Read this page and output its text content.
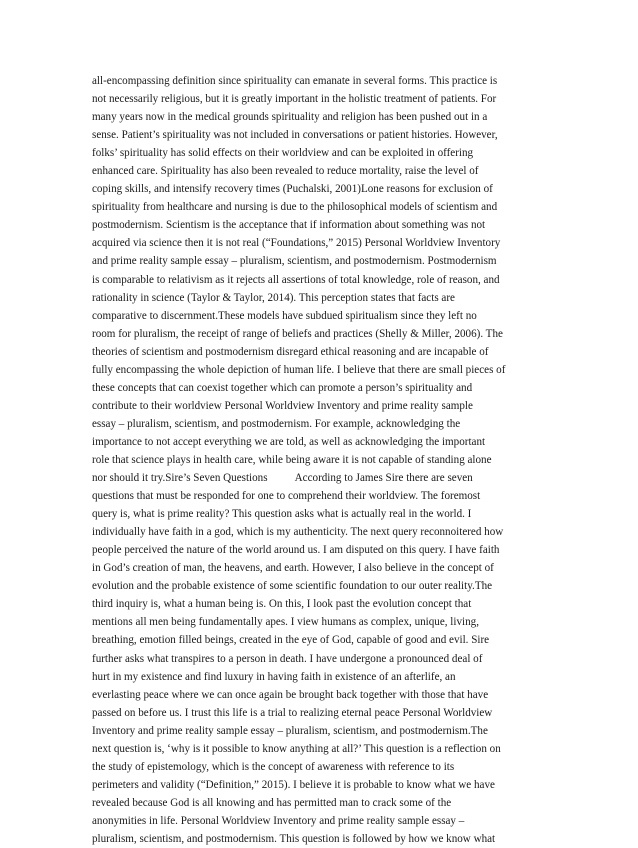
all-encompassing definition since spirituality can emanate in several forms. This practice is
not necessarily religious, but it is greatly important in the holistic treatment of patients. For
many years now in the medical grounds spirituality and religion has been pushed out in a
sense. Patient’s spirituality was not included in conversations or patient histories. However,
folks’ spirituality has solid effects on their worldview and can be exploited in offering
enhanced care. Spirituality has also been revealed to reduce mortality, raise the level of
coping skills, and intensify recovery times (Puchalski, 2001)Lone reasons for exclusion of
spirituality from healthcare and nursing is due to the philosophical models of scientism and
postmodernism. Scientism is the acceptance that if information about something was not
acquired via science then it is not real (“Foundations,” 2015) Personal Worldview Inventory
and prime reality sample essay – pluralism, scientism, and postmodernism. Postmodernism
is comparable to relativism as it rejects all assertions of total knowledge, role of reason, and
rationality in science (Taylor & Taylor, 2014). This perception states that facts are
comparative to discernment.These models have subdued spiritualism since they left no
room for pluralism, the receipt of range of beliefs and practices (Shelly & Miller, 2006). The
theories of scientism and postmodernism disregard ethical reasoning and are incapable of
fully encompassing the whole depiction of human life. I believe that there are small pieces of
these concepts that can coexist together which can promote a person’s spirituality and
contribute to their worldview Personal Worldview Inventory and prime reality sample
essay – pluralism, scientism, and postmodernism. For example, acknowledging the
importance to not accept everything we are told, as well as acknowledging the important
role that science plays in health care, while being aware it is not capable of standing alone
nor should it try.Sire’s Seven Questions          According to James Sire there are seven
questions that must be responded for one to comprehend their worldview. The foremost
query is, what is prime reality? This question asks what is actually real in the world. I
individually have faith in a god, which is my authenticity. The next query reconnoitered how
people perceived the nature of the world around us. I am disputed on this query. I have faith
in God’s creation of man, the heavens, and earth. However, I also believe in the concept of
evolution and the probable existence of some scientific foundation to our outer reality.The
third inquiry is, what a human being is. On this, I look past the evolution concept that
mentions all men being fundamentally apes. I view humans as complex, unique, living,
breathing, emotion filled beings, created in the eye of God, capable of good and evil. Sire
further asks what transpires to a person in death. I have undergone a pronounced deal of
hurt in my existence and find luxury in having faith in existence of an afterlife, an
everlasting peace where we can once again be brought back together with those that have
passed on before us. I trust this life is a trial to realizing eternal peace Personal Worldview
Inventory and prime reality sample essay – pluralism, scientism, and postmodernism.The
next question is, ‘why is it possible to know anything at all?’ This question is a reflection on
the study of epistemology, which is the concept of awareness with reference to its
perimeters and validity (“Definition,” 2015). I believe it is probable to know what we have
revealed because God is all knowing and has permitted man to crack some of the
anonymities in life. Personal Worldview Inventory and prime reality sample essay –
pluralism, scientism, and postmodernism. This question is followed by how we know what
